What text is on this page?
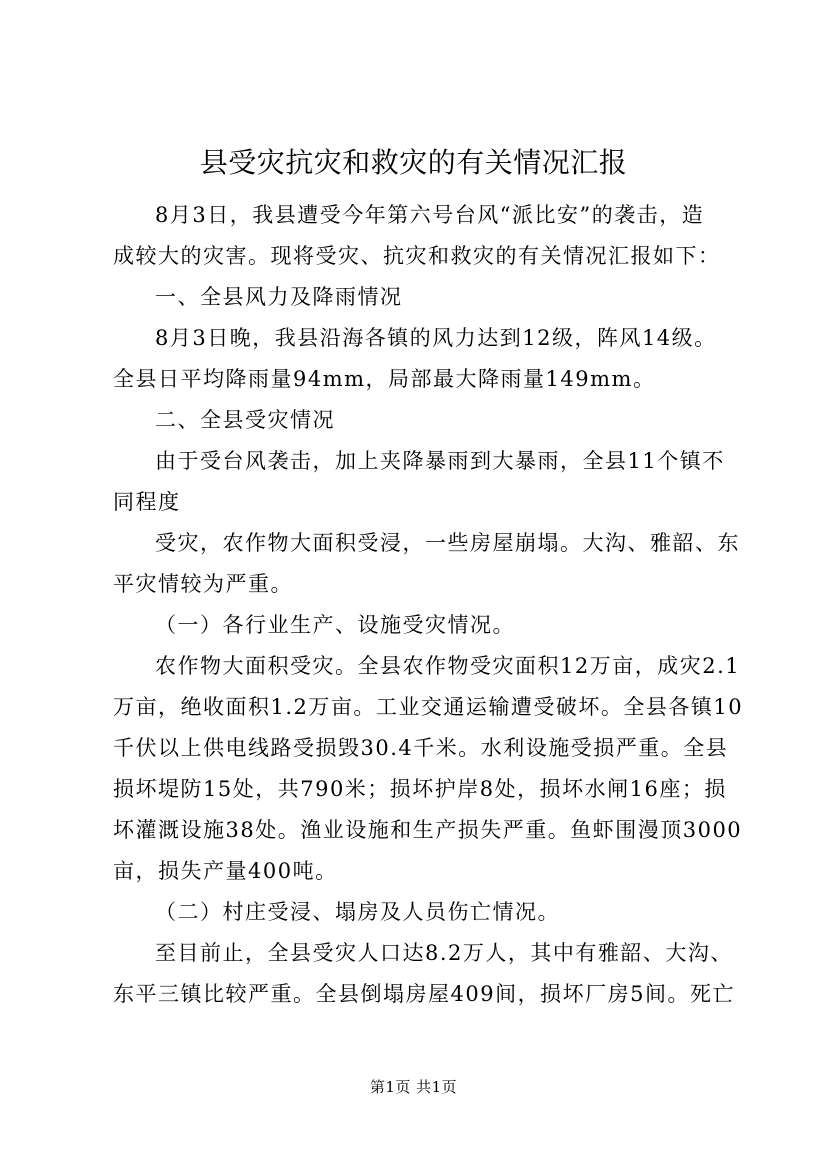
县受灾抗灾和救灾的有关情况汇报
8月3日，我县遭受今年第六号台风“派比安”的袭击，造
成较大的灾害。现将受灾、抗灾和救灾的有关情况汇报如下：
一、全县风力及降雨情况
8月3日晚，我县沿海各镇的风力达到12级，阵风14级。
全县日平均降雨量94mm，局部最大降雨量149mm。
二、全县受灾情况
由于受台风袭击，加上夹降暴雨到大暴雨，全县11个镇不
同程度
受灾，农作物大面积受浸，一些房屋崩塌。大沟、雅韶、东
平灾情较为严重。
（一）各行业生产、设施受灾情况。
农作物大面积受灾。全县农作物受灾面积12万亩，成灾2.1
万亩，绝收面积1.2万亩。工业交通运输遭受破坏。全县各镇10
千伏以上供电线路受损毁30.4千米。水利设施受损严重。全县
损坏堤防15处，共790米；损坏护岸8处，损坏水闸16座；损
坏灌溉设施38处。渔业设施和生产损失严重。鱼虾围漫顶3000
亩，损失产量400吨。
（二）村庄受浸、塌房及人员伤亡情况。
至目前止，全县受灾人口达8.2万人，其中有雅韶、大沟、
东平三镇比较严重。全县倒塌房屋409间，损坏厂房5间。死亡
第1页 共1页
